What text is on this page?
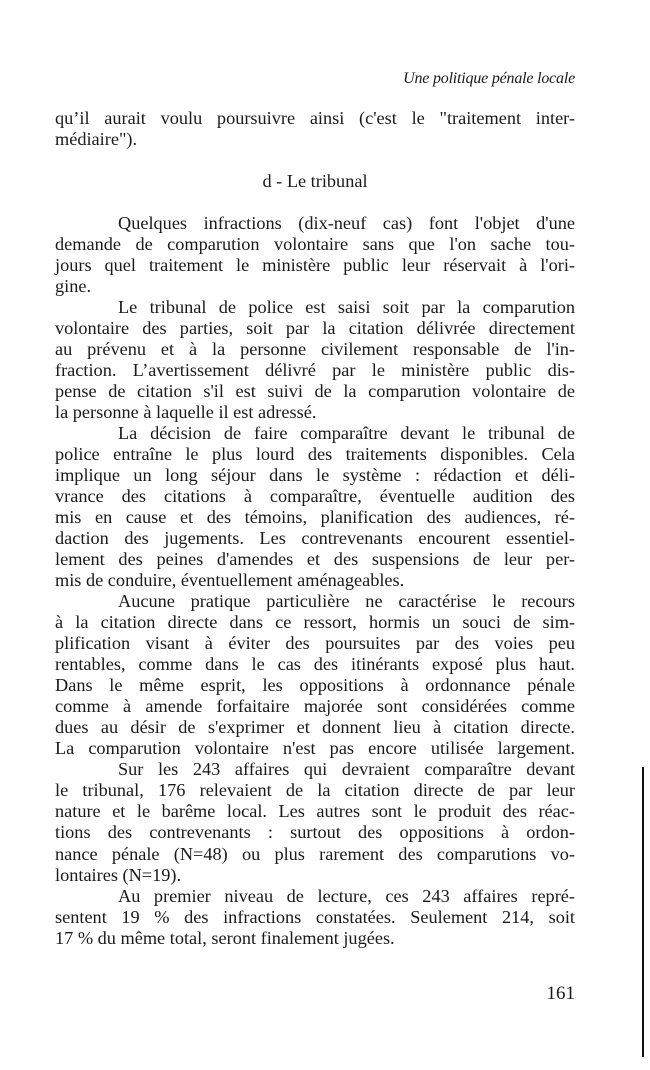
Une politique pénale locale
qu’il aurait voulu poursuivre ainsi (c'est le "traitement inter-
médiaire").
d - Le tribunal
Quelques infractions (dix-neuf cas) font l'objet d'une
demande de comparution volontaire sans que l'on sache tou-
jours quel traitement le ministère public leur réservait à l'ori-
gine.
Le tribunal de police est saisi soit par la comparution
volontaire des parties, soit par la citation délivrée directement
au prévenu et à la personne civilement responsable de l'in-
fraction. L’avertissement délivré par le ministère public dis-
pense de citation s'il est suivi de la comparution volontaire de
la personne à laquelle il est adressé.
La décision de faire comparaître devant le tribunal de
police entraîne le plus lourd des traitements disponibles. Cela
implique un long séjour dans le système : rédaction et déli-
vrance des citations à comparaître, éventuelle audition des
mis en cause et des témoins, planification des audiences, ré-
daction des jugements. Les contrevenants encourent essentiel-
lement des peines d'amendes et des suspensions de leur per-
mis de conduire, éventuellement aménageables.
Aucune pratique particulière ne caractérise le recours
à la citation directe dans ce ressort, hormis un souci de sim-
plification visant à éviter des poursuites par des voies peu
rentables, comme dans le cas des itinérants exposé plus haut.
Dans le même esprit, les oppositions à ordonnance pénale
comme à amende forfaitaire majorée sont considérées comme
dues au désir de s'exprimer et donnent lieu à citation directe.
La comparution volontaire n'est pas encore utilisée largement.
Sur les 243 affaires qui devraient comparaître devant
le tribunal, 176 relevaient de la citation directe de par leur
nature et le barême local. Les autres sont le produit des réac-
tions des contrevenants : surtout des oppositions à ordon-
nance pénale (N=48) ou plus rarement des comparutions vo-
lontaires (N=19).
Au premier niveau de lecture, ces 243 affaires repré-
sentent 19 % des infractions constatées. Seulement 214, soit
17 % du même total, seront finalement jugées.
161
